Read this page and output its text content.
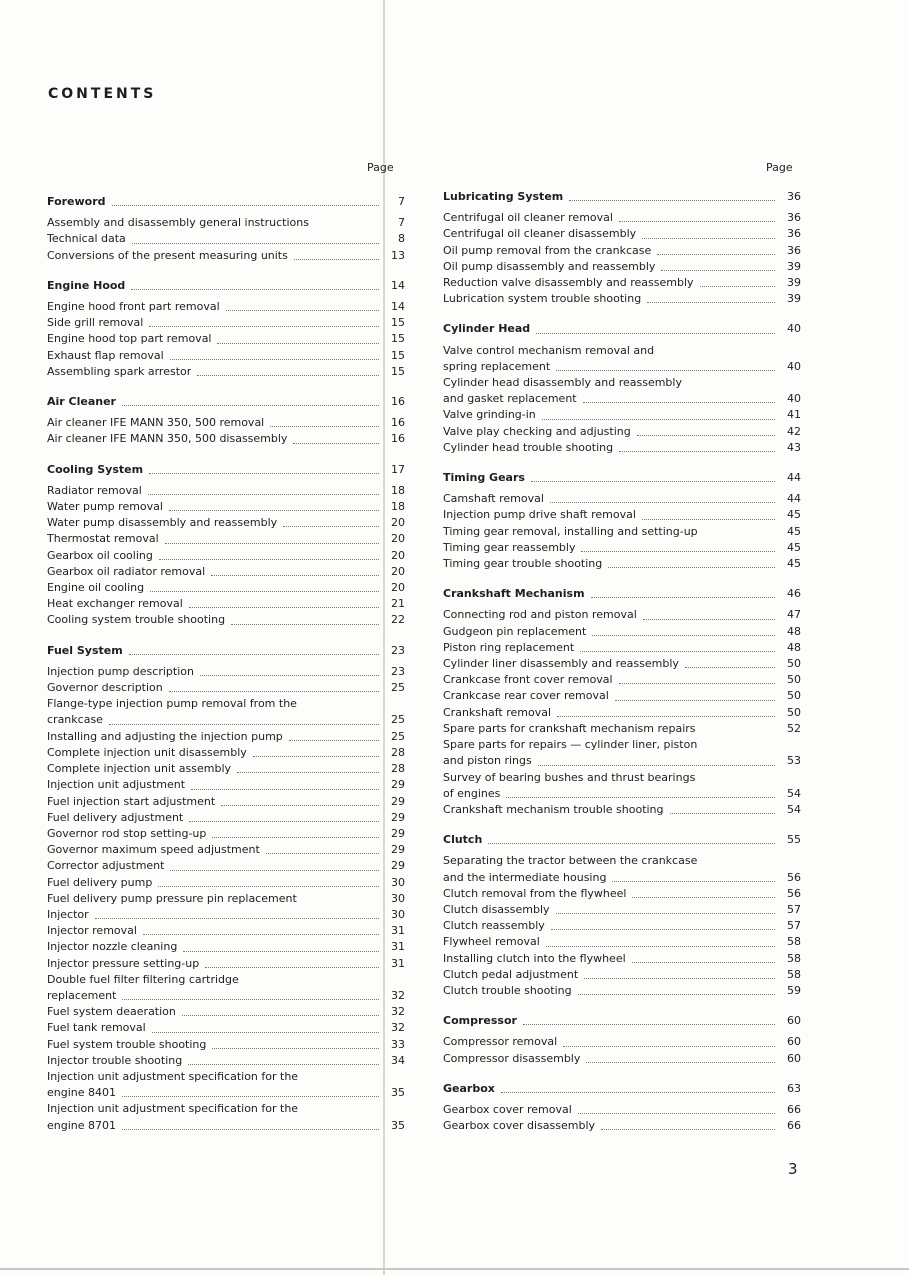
CONTENTS
Page	Page
Foreword	7
Assembly and disassembly general instructions	7
Technical data	8
Conversions of the present measuring units	13
Engine Hood	14
Engine hood front part removal	14
Side grill removal	15
Engine hood top part removal	15
Exhaust flap removal	15
Assembling spark arrestor	15
Air Cleaner	16
Air cleaner IFE MANN 350, 500 removal	16
Air cleaner IFE MANN 350, 500 disassembly	16
Cooling System	17
Radiator removal	18
Water pump removal	18
Water pump disassembly and reassembly	20
Thermostat removal	20
Gearbox oil cooling	20
Gearbox oil radiator removal	20
Engine oil cooling	20
Heat exchanger removal	21
Cooling system trouble shooting	22
Fuel System	23
Injection pump description	23
Governor description	25
Flange-type injection pump removal from the
crankcase	25
Installing and adjusting the injection pump	25
Complete injection unit disassembly	28
Complete injection unit assembly	28
Injection unit adjustment	29
Fuel injection start adjustment	29
Fuel delivery adjustment	29
Governor rod stop setting-up	29
Governor maximum speed adjustment	29
Corrector adjustment	29
Fuel delivery pump	30
Fuel delivery pump pressure pin replacement	30
Injector	30
Injector removal	31
Injector nozzle cleaning	31
Injector pressure setting-up	31
Double fuel filter filtering cartridge
replacement	32
Fuel system deaeration	32
Fuel tank removal	32
Fuel system trouble shooting	33
Injector trouble shooting	34
Injection unit adjustment specification for the
engine 8401	35
Injection unit adjustment specification for the
engine 8701	35
Lubricating System	36
Centrifugal oil cleaner removal	36
Centrifugal oil cleaner disassembly	36
Oil pump removal from the crankcase	36
Oil pump disassembly and reassembly	39
Reduction valve disassembly and reassembly	39
Lubrication system trouble shooting	39
Cylinder Head	40
Valve control mechanism removal and
spring replacement	40
Cylinder head disassembly and reassembly
and gasket replacement	40
Valve grinding-in	41
Valve play checking and adjusting	42
Cylinder head trouble shooting	43
Timing Gears	44
Camshaft removal	44
Injection pump drive shaft removal	45
Timing gear removal, installing and setting-up	45
Timing gear reassembly	45
Timing gear trouble shooting	45
Crankshaft Mechanism	46
Connecting rod and piston removal	47
Gudgeon pin replacement	48
Piston ring replacement	48
Cylinder liner disassembly and reassembly	50
Crankcase front cover removal	50
Crankcase rear cover removal	50
Crankshaft removal	50
Spare parts for crankshaft mechanism repairs	52
Spare parts for repairs — cylinder liner, piston
and piston rings	53
Survey of bearing bushes and thrust bearings
of engines	54
Crankshaft mechanism trouble shooting	54
Clutch	55
Separating the tractor between the crankcase
and the intermediate housing	56
Clutch removal from the flywheel	56
Clutch disassembly	57
Clutch reassembly	57
Flywheel removal	58
Installing clutch into the flywheel	58
Clutch pedal adjustment	58
Clutch trouble shooting	59
Compressor	60
Compressor removal	60
Compressor disassembly	60
Gearbox	63
Gearbox cover removal	66
Gearbox cover disassembly	66
3
